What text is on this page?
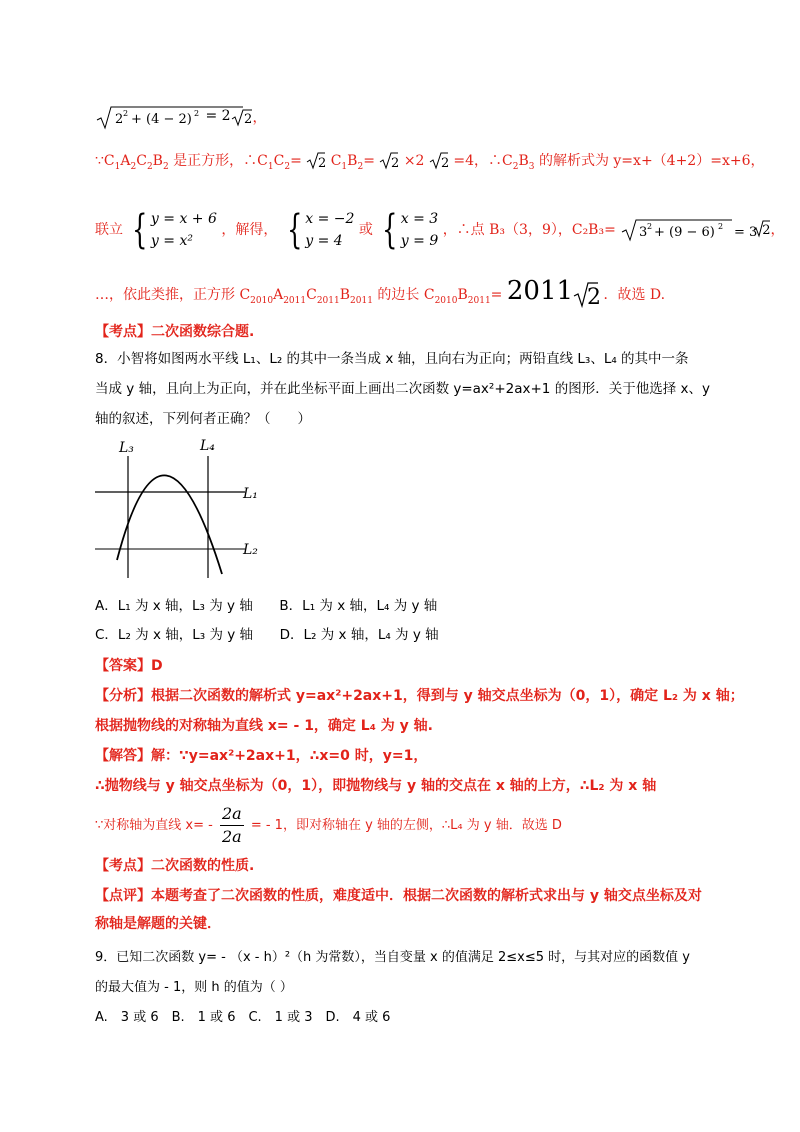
2 2 + (4 − 2) 2 = 2 2 ，
$\because C_1A_2C_2B_2$ 是正方形，$\therefore C_1C_2= 2$ $C_1B_2= 2 \times 2$ 2 =4，$\therefore C_2B_3$ 的解析式为 y=x+（4+2）=x+6，
联立 { y = x + 6
y = x²
，解得， { x = −2
y = 4
或 { x = 3
y = 9
，∴点 B₃（3，9），C₂B₃= 3 2 + (9 − 6) 2 = 3 2，
…，依此类推，正方形 $C_{2010}A_{2011}C_{2011}B_{2011}$ 的边长 $C_{2010}B_{2011}= 2011$ 2 ．故选 D.
【考点】二次函数综合题.
8．小智将如图两水平线 L₁、L₂ 的其中一条当成 x 轴，且向右为正向；两铅直线 L₃、L₄ 的其中一条
当成 y 轴，且向上为正向，并在此坐标平面上画出二次函数 y=ax²+2ax+1 的图形．关于他选择 x、y
轴的叙述，下列何者正确？（　　）
L₃	L₄
L₁
L₂
A．L₁ 为 x 轴，L₃ 为 y 轴 B．L₁ 为 x 轴，L₄ 为 y 轴
C．L₂ 为 x 轴，L₃ 为 y 轴 D．L₂ 为 x 轴，L₄ 为 y 轴
【答案】D
【分析】根据二次函数的解析式 y=ax²+2ax+1，得到与 y 轴交点坐标为（0，1），确定 L₂ 为 x 轴；
根据抛物线的对称轴为直线 x= - 1，确定 L₄ 为 y 轴.
【解答】解：∵y=ax²+2ax+1，∴x=0 时，y=1，
∴抛物线与 y 轴交点坐标为（0，1），即抛物线与 y 轴的交点在 x 轴的上方，∴L₂ 为 x 轴
∵对称轴为直线 $x= - \frac{2a}{2a}$ = - 1，即对称轴在 y 轴的左侧，∴L₄ 为 y 轴．故选 D
【考点】二次函数的性质.
【点评】本题考查了二次函数的性质，难度适中．根据二次函数的解析式求出与 y 轴交点坐标及对
称轴是解题的关键．
9．已知二次函数 y= - （x - h）²（h 为常数），当自变量 x 的值满足 2≤x≤5 时，与其对应的函数值 y
的最大值为 - 1，则 h 的值为（ ）
A.　3 或 6　B.　1 或 6　C.　1 或 3　D.　4 或 6
